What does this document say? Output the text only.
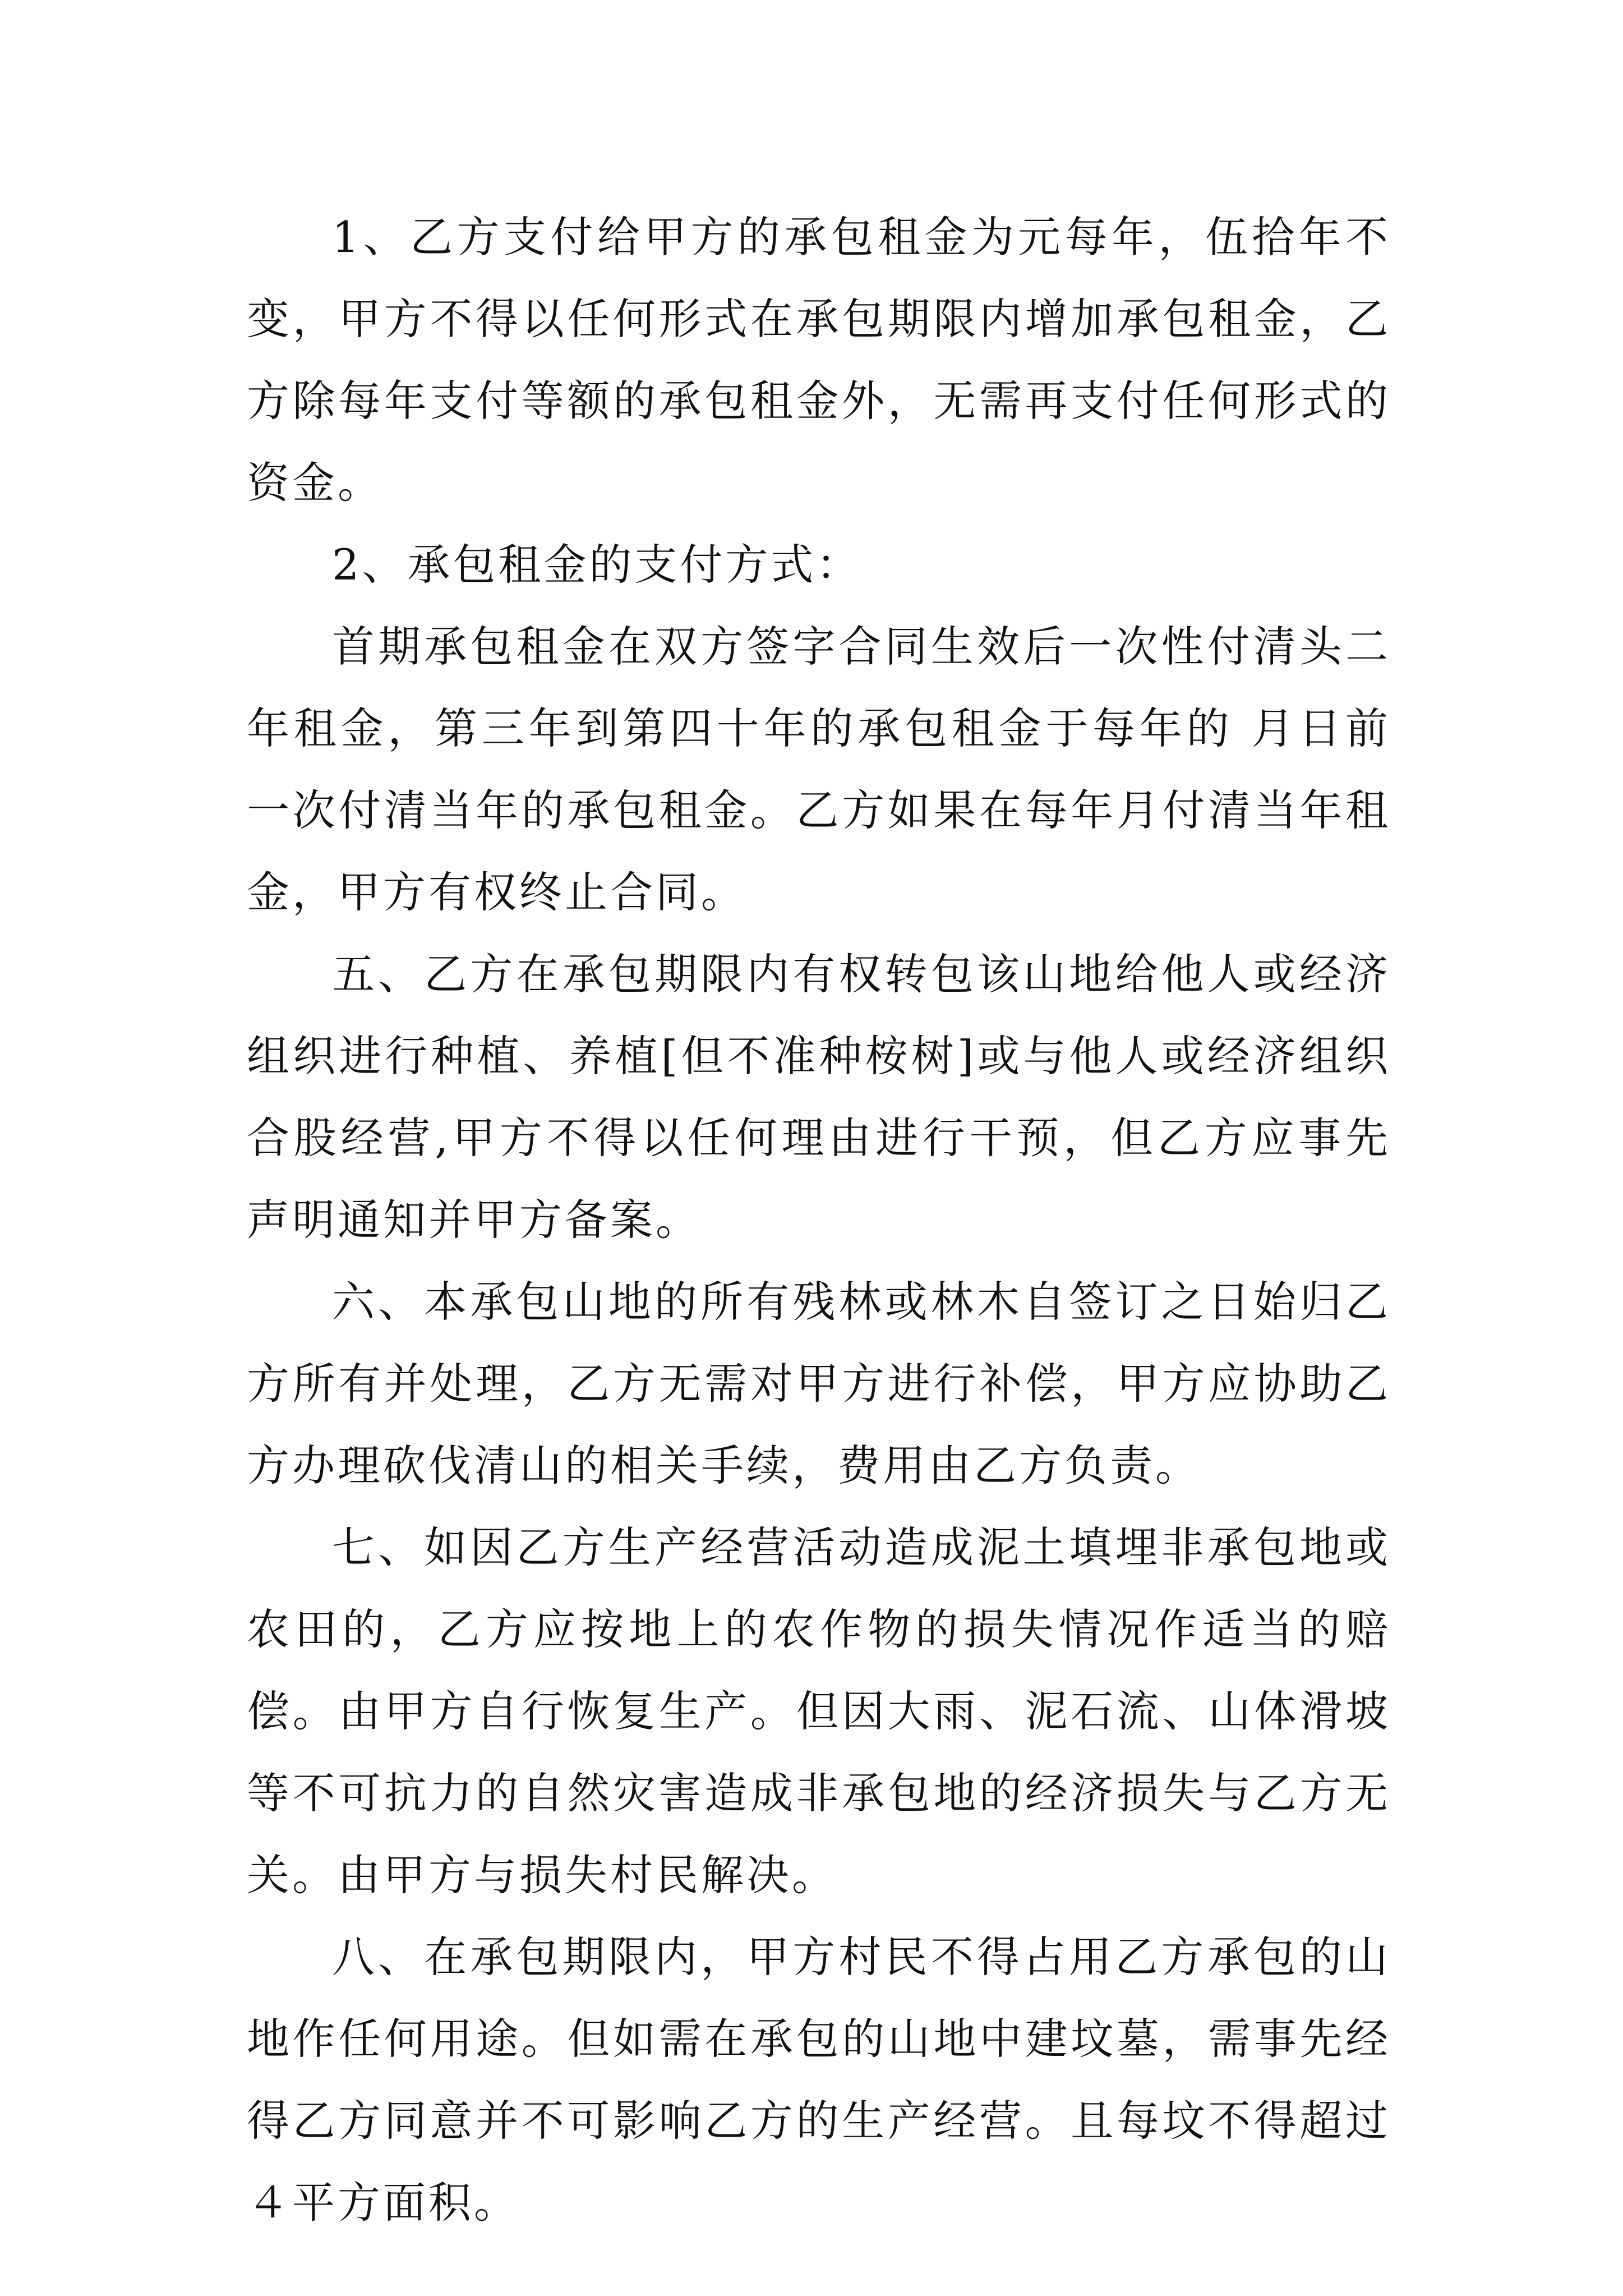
1、乙方支付给甲方的承包租金为元每年，伍拾年不变，甲方不得以任何形式在承包期限内增加承包租金，乙方除每年支付等额的承包租金外，无需再支付任何形式的资金。

2、承包租金的支付方式：

首期承包租金在双方签字合同生效后一次性付清头二年租金，第三年到第四十年的承包租金于每年的 月日前一次付清当年的承包租金。乙方如果在每年月付清当年租金，甲方有权终止合同。

五、乙方在承包期限内有权转包该山地给他人或经济组织进行种植、养植[但不准种桉树]或与他人或经济组织合股经营,甲方不得以任何理由进行干预，但乙方应事先声明通知并甲方备案。

六、本承包山地的所有残林或林木自签订之日始归乙方所有并处理，乙方无需对甲方进行补偿，甲方应协助乙方办理砍伐清山的相关手续，费用由乙方负责。

七、如因乙方生产经营活动造成泥土填埋非承包地或农田的，乙方应按地上的农作物的损失情况作适当的赔偿。由甲方自行恢复生产。但因大雨、泥石流、山体滑坡等不可抗力的自然灾害造成非承包地的经济损失与乙方无关。由甲方与损失村民解决。

八、在承包期限内，甲方村民不得占用乙方承包的山地作任何用途。但如需在承包的山地中建坟墓，需事先经得乙方同意并不可影响乙方的生产经营。且每坟不得超过４平方面积。
